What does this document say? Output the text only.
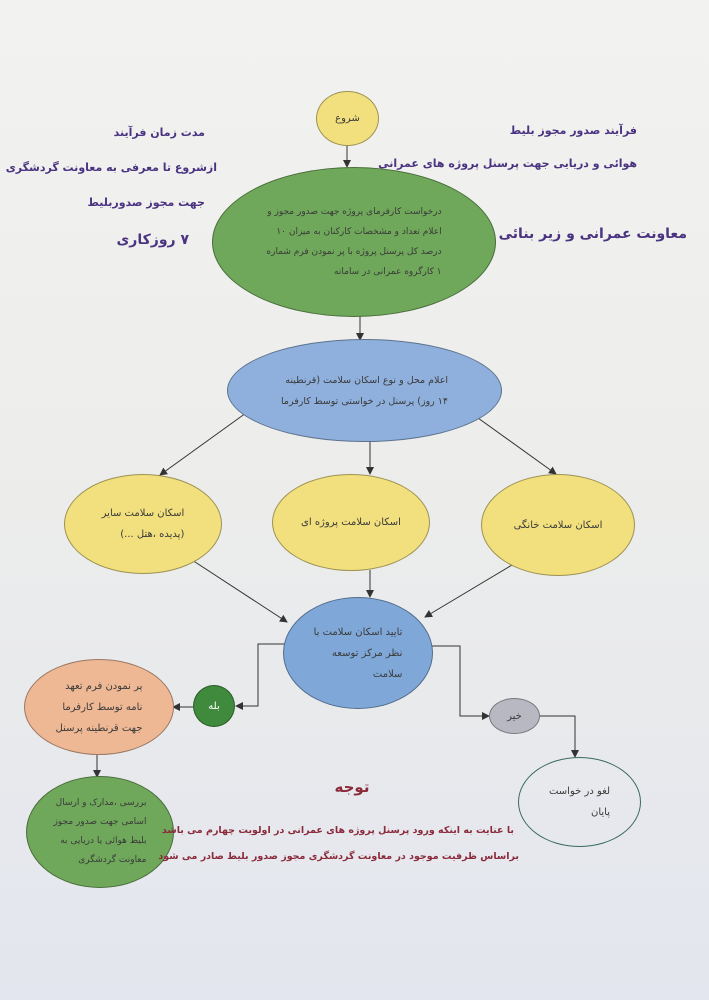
مدت زمان فرآیند
ازشروع تا معرفی به معاونت گردشگری
جهت مجوز صدوربلیط
۷ روزکاری
فرآیند صدور مجوز بلیط
هوائی و دریایی جهت پرسنل پروژه های عمرانی
معاونت عمرانی و زیر بنائی
شروع
درخواست کارفرمای پروژه جهت صدور مجوز و
اعلام تعداد و مشخصات کارکنان به میزان ۱۰
درصد کل پرسنل پروژه با پر نمودن فرم شماره
۱ کارگروه عمرانی در سامانه
اعلام محل و نوع اسکان سلامت (قرنطینه
۱۴ روز) پرسنل در خواستی توسط کارفرما
اسکان سلامت سایر
(پدیده ،هتل ...)
اسکان سلامت پروژه ای	اسکان سلامت خانگی
تایید اسکان سلامت با
نظر مرکز توسعه
سلامت
بله
خیر
پر نمودن فرم تعهد
نامه توسط کارفرما
جهت قرنطینه پرسنل
بررسی ،مدارک و ارسال
اسامی جهت صدور مجوز
بلیط هوائی یا دریایی به
معاونت گردشگری
لغو در خواست
پایان
توجه
با عنایت به اینکه ورود پرسنل پروژه های عمرانی در اولویت چهارم می باشد
براساس ظرفیت موجود در معاونت گردشگری مجوز صدور بلیط صادر می شود
